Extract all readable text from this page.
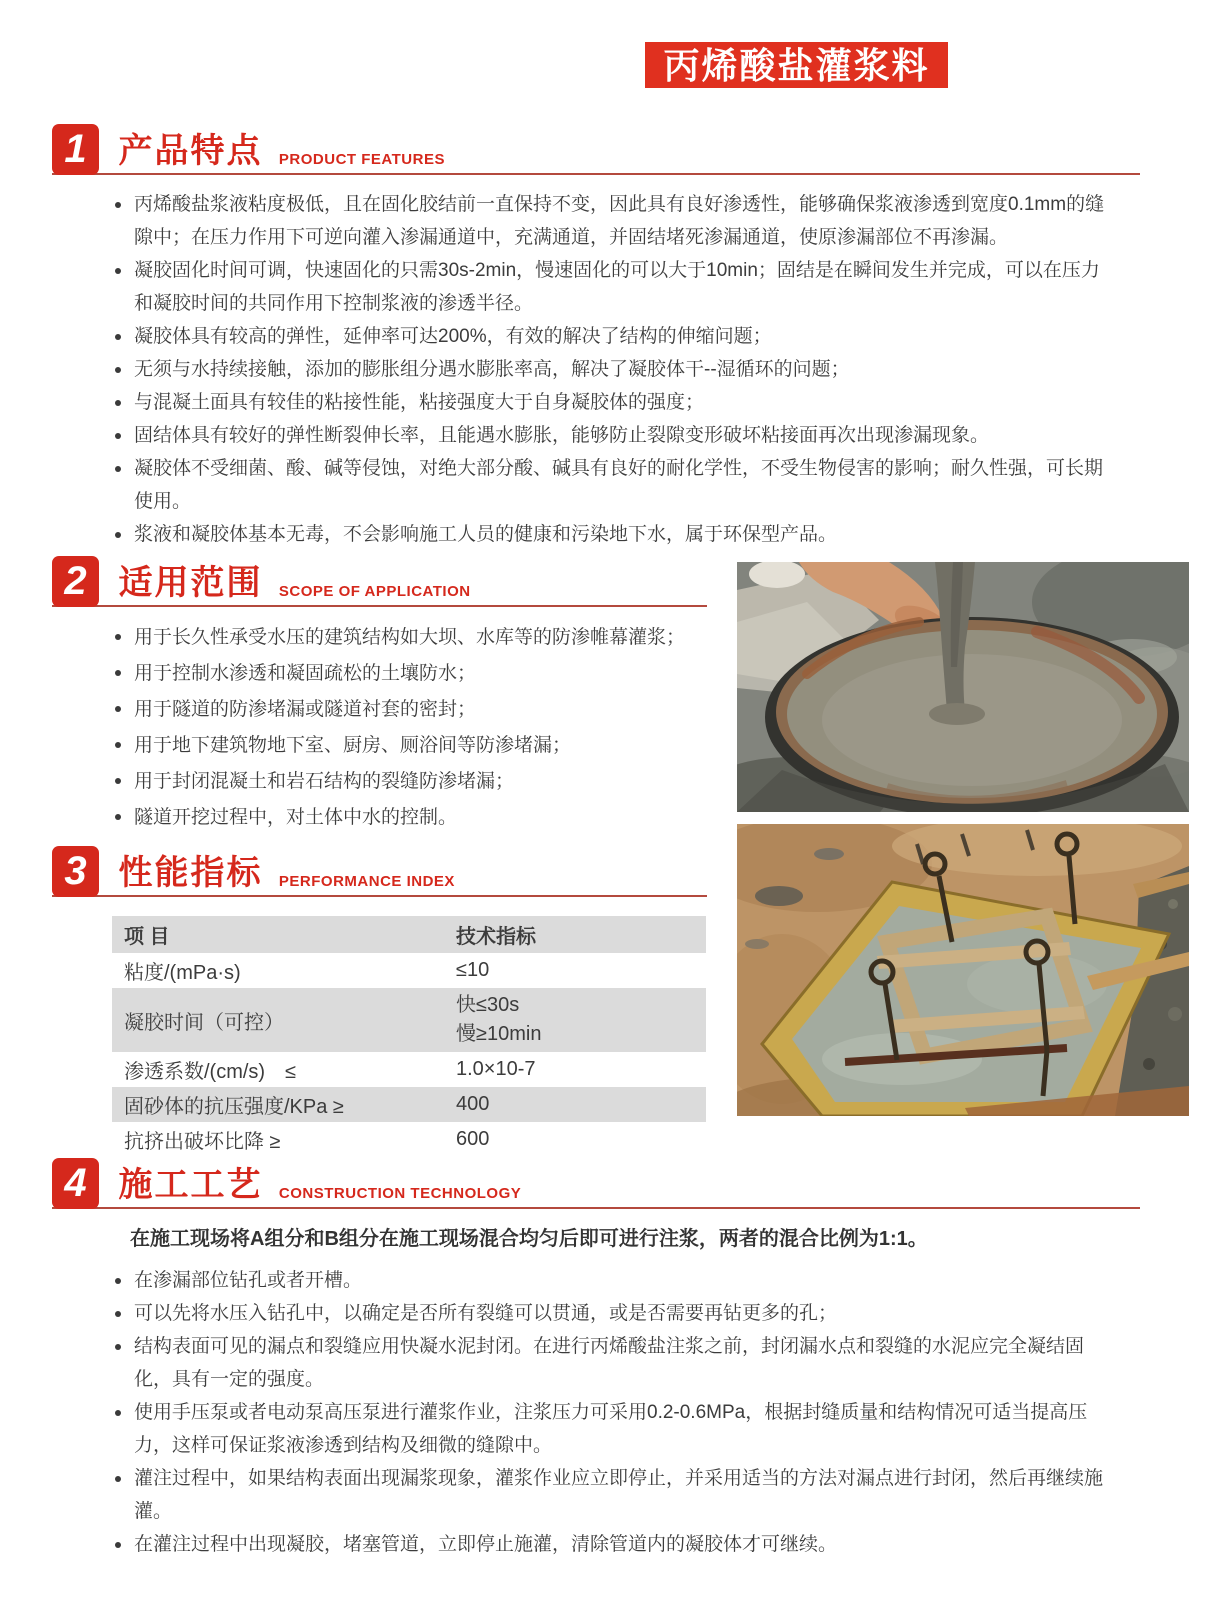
丙烯酸盐灌浆料
1 产品特点 PRODUCT FEATURES
丙烯酸盐浆液粘度极低，且在固化胶结前一直保持不变，因此具有良好渗透性，能够确保浆液渗透到宽度0.1mm的缝隙中；在压力作用下可逆向灌入渗漏通道中，充满通道，并固结堵死渗漏通道，使原渗漏部位不再渗漏。
凝胶固化时间可调，快速固化的只需30s-2min，慢速固化的可以大于10min；固结是在瞬间发生并完成，可以在压力和凝胶时间的共同作用下控制浆液的渗透半径。
凝胶体具有较高的弹性，延伸率可达200%，有效的解决了结构的伸缩问题；
无须与水持续接触，添加的膨胀组分遇水膨胀率高，解决了凝胶体干--湿循环的问题；
与混凝土面具有较佳的粘接性能，粘接强度大于自身凝胶体的强度；
固结体具有较好的弹性断裂伸长率，且能遇水膨胀，能够防止裂隙变形破坏粘接面再次出现渗漏现象。
凝胶体不受细菌、酸、碱等侵蚀，对绝大部分酸、碱具有良好的耐化学性，不受生物侵害的影响；耐久性强，可长期使用。
浆液和凝胶体基本无毒，不会影响施工人员的健康和污染地下水，属于环保型产品。
2 适用范围 SCOPE OF APPLICATION
用于长久性承受水压的建筑结构如大坝、水库等的防渗帷幕灌浆；
用于控制水渗透和凝固疏松的土壤防水；
用于隧道的防渗堵漏或隧道衬套的密封；
用于地下建筑物地下室、厨房、厕浴间等防渗堵漏；
用于封闭混凝土和岩石结构的裂缝防渗堵漏；
隧道开挖过程中，对土体中水的控制。
3 性能指标 PERFORMANCE INDEX
项 目	技术指标
粘度/(mPa·s)	≤10
凝胶时间（可控）	快≤30s
慢≥10min

渗透系数/(cm/s)　≤	1.0×10-7
固砂体的抗压强度/KPa ≥	400
抗挤出破坏比降 ≥	600
4 施工工艺 CONSTRUCTION TECHNOLOGY
在施工现场将A组分和B组分在施工现场混合均匀后即可进行注浆，两者的混合比例为1:1。
在渗漏部位钻孔或者开槽。
可以先将水压入钻孔中，以确定是否所有裂缝可以贯通，或是否需要再钻更多的孔；
结构表面可见的漏点和裂缝应用快凝水泥封闭。在进行丙烯酸盐注浆之前，封闭漏水点和裂缝的水泥应完全凝结固化，具有一定的强度。
使用手压泵或者电动泵高压泵进行灌浆作业，注浆压力可采用0.2-0.6MPa，根据封缝质量和结构情况可适当提高压力，这样可保证浆液渗透到结构及细微的缝隙中。
灌注过程中，如果结构表面出现漏浆现象，灌浆作业应立即停止，并采用适当的方法对漏点进行封闭，然后再继续施灌。
在灌注过程中出现凝胶，堵塞管道，立即停止施灌，清除管道内的凝胶体才可继续。
